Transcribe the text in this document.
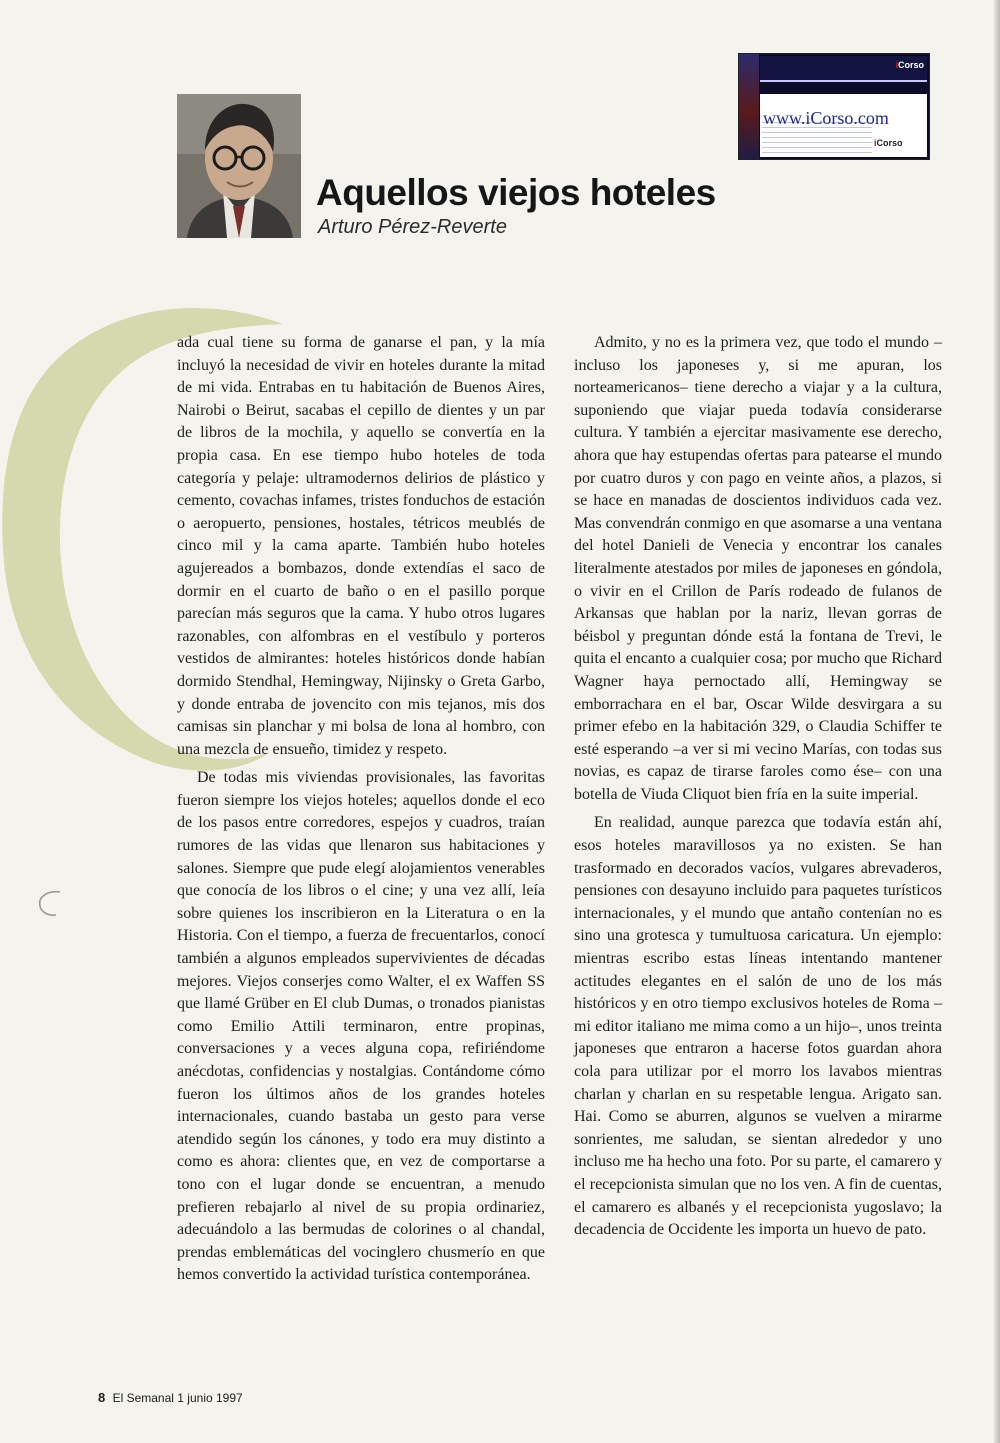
iCorso
www.iCorso.com
iCorso
Aquellos viejos hoteles

Arturo Pérez-Reverte

ada cual tiene su forma de ganarse el pan, y la mía incluyó la necesidad de vivir en hoteles durante la mitad de mi vida. Entrabas en tu habitación de Buenos Aires, Nairobi o Beirut, sacabas el cepillo de dientes y un par de libros de la mochila, y aquello se convertía en la propia casa. En ese tiempo hubo hoteles de toda categoría y pelaje: ultramodernos delirios de plástico y cemento, covachas infames, tristes fonduchos de estación o aeropuerto, pensiones, hostales, tétricos meublés de cinco mil y la cama aparte. También hubo hoteles agujereados a bombazos, donde extendías el saco de dormir en el cuarto de baño o en el pasillo porque parecían más seguros que la cama. Y hubo otros lugares razonables, con alfombras en el vestíbulo y porteros vestidos de almirantes: hoteles históricos donde habían dormido Stendhal, Hemingway, Nijinsky o Greta Garbo, y donde entraba de jovencito con mis tejanos, mis dos camisas sin planchar y mi bolsa de lona al hombro, con una mezcla de ensueño, timidez y respeto.

De todas mis viviendas provisionales, las favoritas fueron siempre los viejos hoteles; aquellos donde el eco de los pasos entre corredores, espejos y cuadros, traían rumores de las vidas que llenaron sus habitaciones y salones. Siempre que pude elegí alojamientos venerables que conocía de los libros o el cine; y una vez allí, leía sobre quienes los inscribieron en la Literatura o en la Historia. Con el tiempo, a fuerza de frecuentarlos, conocí también a algunos empleados supervivientes de décadas mejores. Viejos conserjes como Walter, el ex Waffen SS que llamé Grüber en El club Dumas, o tronados pianistas como Emilio Attili terminaron, entre propinas, conversaciones y a veces alguna copa, refiriéndome anécdotas, confidencias y nostalgias. Contándome cómo fueron los últimos años de los grandes hoteles internacionales, cuando bastaba un gesto para verse atendido según los cánones, y todo era muy distinto a como es ahora: clientes que, en vez de comportarse a tono con el lugar donde se encuentran, a menudo prefieren rebajarlo al nivel de su propia ordinariez, adecuándolo a las bermudas de colorines o al chandal, prendas emblemáticas del vocinglero chusmerío en que hemos convertido la actividad turística contemporánea.

Admito, y no es la primera vez, que todo el mundo –incluso los japoneses y, si me apuran, los norteamericanos– tiene derecho a viajar y a la cultura, suponiendo que viajar pueda todavía considerarse cultura. Y también a ejercitar masivamente ese derecho, ahora que hay estupendas ofertas para patearse el mundo por cuatro duros y con pago en veinte años, a plazos, si se hace en manadas de doscientos individuos cada vez. Mas convendrán conmigo en que asomarse a una ventana del hotel Danieli de Venecia y encontrar los canales literalmente atestados por miles de japoneses en góndola, o vivir en el Crillon de París rodeado de fulanos de Arkansas que hablan por la nariz, llevan gorras de béisbol y preguntan dónde está la fontana de Trevi, le quita el encanto a cualquier cosa; por mucho que Richard Wagner haya pernoctado allí, Hemingway se emborrachara en el bar, Oscar Wilde desvirgara a su primer efebo en la habitación 329, o Claudia Schiffer te esté esperando –a ver si mi vecino Marías, con todas sus novias, es capaz de tirarse faroles como ése– con una botella de Viuda Cliquot bien fría en la suite imperial.

En realidad, aunque parezca que todavía están ahí, esos hoteles maravillosos ya no existen. Se han trasformado en decorados vacíos, vulgares abrevaderos, pensiones con desayuno incluido para paquetes turísticos internacionales, y el mundo que antaño contenían no es sino una grotesca y tumultuosa caricatura. Un ejemplo: mientras escribo estas líneas intentando mantener actitudes elegantes en el salón de uno de los más históricos y en otro tiempo exclusivos hoteles de Roma –mi editor italiano me mima como a un hijo–, unos treinta japoneses que entraron a hacerse fotos guardan ahora cola para utilizar por el morro los lavabos mientras charlan y charlan en su respetable lengua. Arigato san. Hai. Como se aburren, algunos se vuelven a mirarme sonrientes, me saludan, se sientan alrededor y uno incluso me ha hecho una foto. Por su parte, el camarero y el recepcionista simulan que no los ven. A fin de cuentas, el camarero es albanés y el recepcionista yugoslavo; la decadencia de Occidente les importa un huevo de pato.

8 El Semanal 1 junio 1997
